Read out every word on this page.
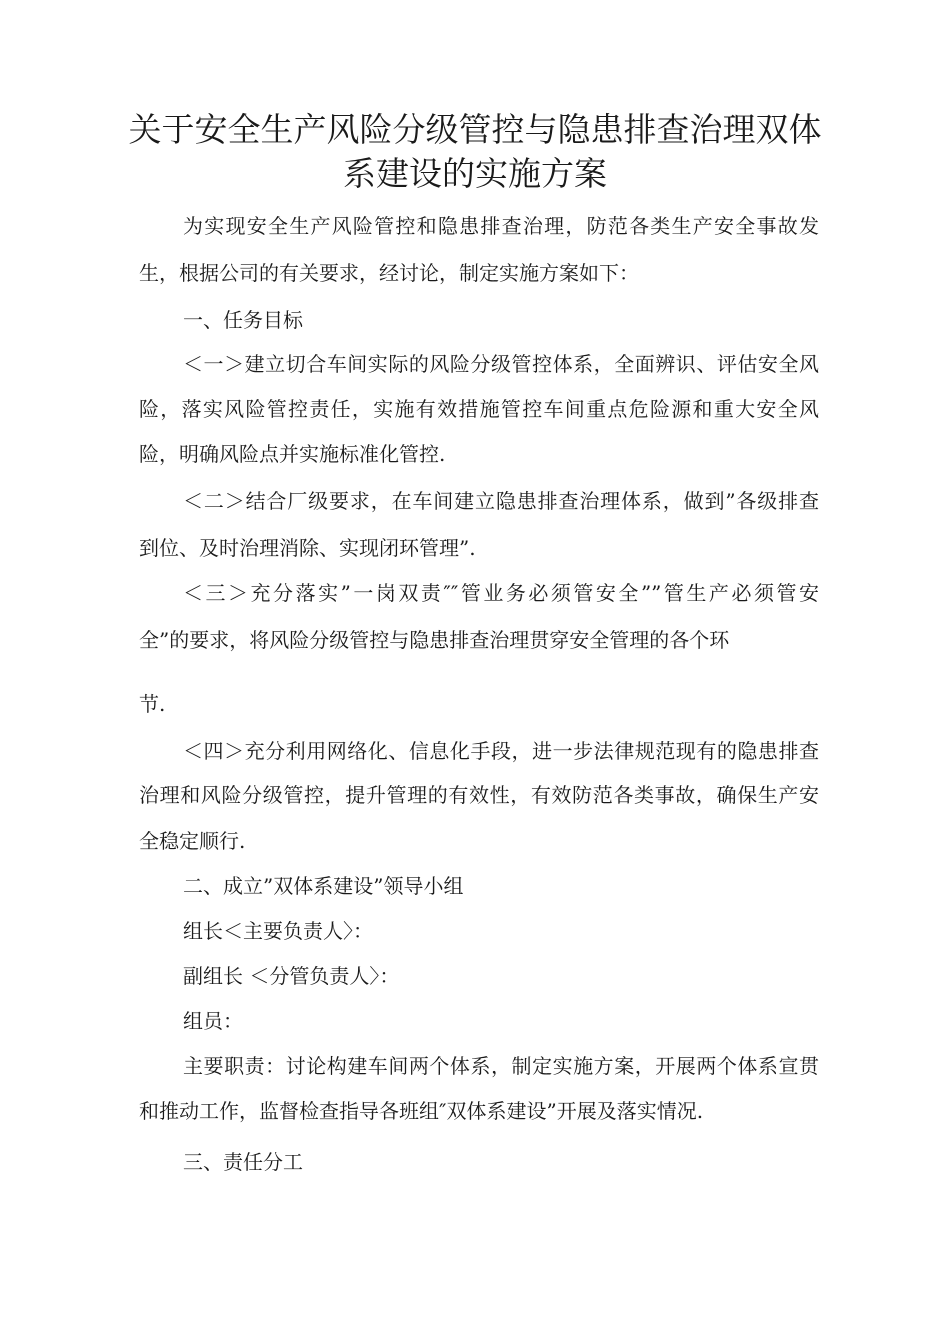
关于安全生产风险分级管控与隐患排查治理双体
系建设的实施方案

为实现安全生产风险管控和隐患排查治理，防范各类生产安全事故发

生，根据公司的有关要求，经讨论，制定实施方案如下：

一、任务目标

＜一＞建立切合车间实际的风险分级管控体系，全面辨识、评估安全风

险，落实风险管控责任，实施有效措施管控车间重点危险源和重大安全风

险，明确风险点并实施标准化管控.

＜二＞结合厂级要求，在车间建立隐患排查治理体系，做到”各级排查

到位、及时治理消除、实现闭环管理”.

＜三＞充分落实”一岗双责″″管业务必须管安全””管生产必须管安

全”的要求，将风险分级管控与隐患排查治理贯穿安全管理的各个环

节.

＜四＞充分利用网络化、信息化手段，进一步法律规范现有的隐患排查

治理和风险分级管控，提升管理的有效性，有效防范各类事故，确保生产安

全稳定顺行.

二、成立”双体系建设”领导小组

组长＜主要负责人〉：

副组长 ＜分管负责人〉：

组员：

主要职责：讨论构建车间两个体系，制定实施方案，开展两个体系宣贯

和推动工作，监督检查指导各班组″双体系建设”开展及落实情况.

三、责任分工
